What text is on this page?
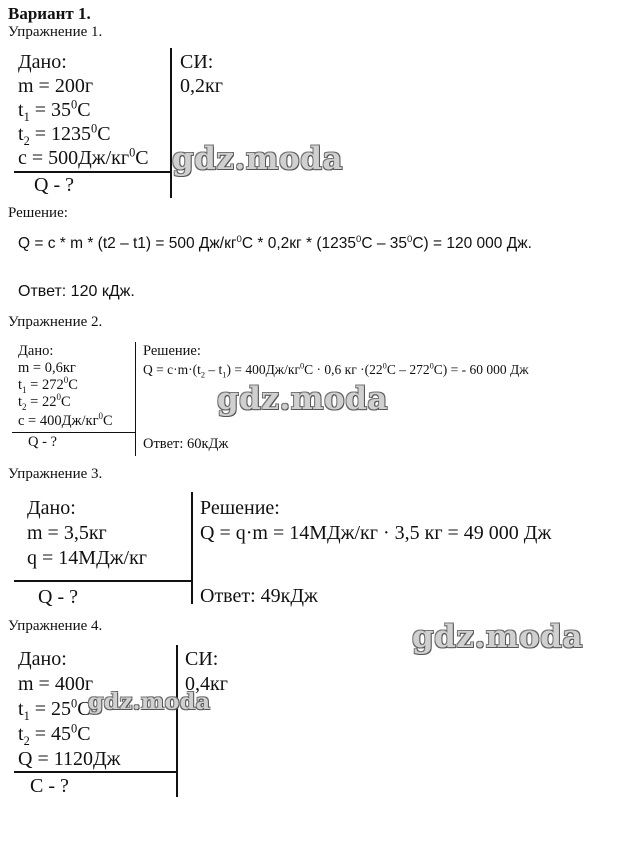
Вариант 1.
Упражнение 1.
Дано:
m = 200г
$t_1 = 35^0C$
$t_2 = 1235^0C$
$c = 500Дж/кг^0C$
Q - ?
СИ:
0,2кг
Решение:
Q = c * m * (t2 – t1) = 500 $Дж/кг^0C * 0,2кг * (1235^0C - 35^0C) = 120$ 000 Дж.
Ответ: 120 кДж.
Упражнение 2.
Дано:
m = 0,6кг
$t_1 = 272^0C$
$t_2 = 22^0C$
$c = 400Дж/кг^0C$
Q - ?
Решение:
$Q = c\cdot m\cdot(t_2 - t_1) = 400Дж/кг^0C \cdot 0,6$ кг $\cdot(22^0C - 272^0C)$ = - 60 000 Дж
Ответ: 60кДж
Упражнение 3.
Дано:
m = 3,5кг
q = 14МДж/кг
Q - ?
Решение:
Q = q·m = 14МДж/кг · 3,5 кг = 49 000 Дж
Ответ: 49кДж
Упражнение 4.
Дано:
m = 400г
$t_1 = 25^0C$
$t_2 = 45^0C$
Q = 1120Дж
C - ?
СИ:
0,4кг
gdz.moda
gdz.moda
gdz.moda
gdz.moda
